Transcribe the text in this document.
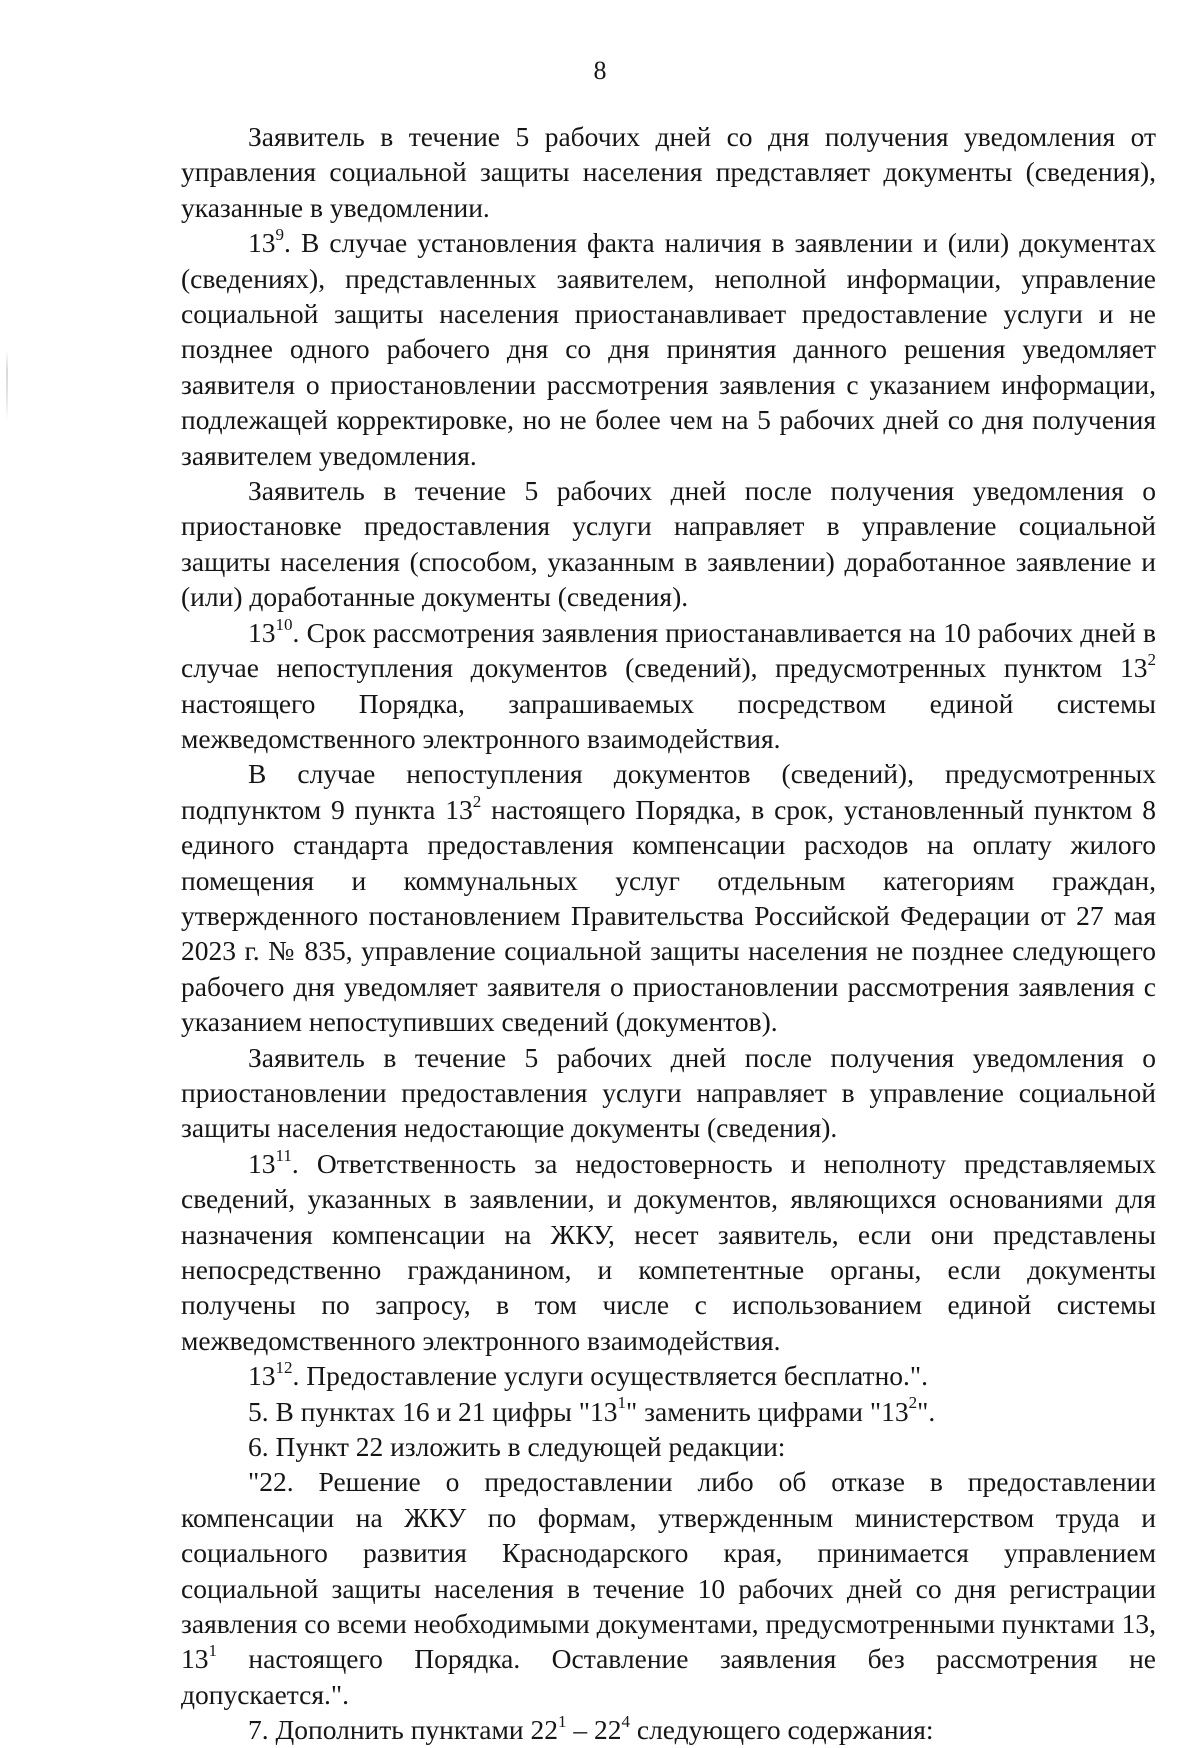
8

Заявитель в течение 5 рабочих дней со дня получения уведомления от управления социальной защиты населения представляет документы (сведения), указанные в уведомлении.

$13^9$. В случае установления факта наличия в заявлении и (или) документах (сведениях), представленных заявителем, неполной информации, управление социальной защиты населения приостанавливает предоставление услуги и не позднее одного рабочего дня со дня принятия данного решения уведомляет заявителя о приостановлении рассмотрения заявления с указанием информации, подлежащей корректировке, но не более чем на 5 рабочих дней со дня получения заявителем уведомления.

Заявитель в течение 5 рабочих дней после получения уведомления о приостановке предоставления услуги направляет в управление социальной защиты населения (способом, указанным в заявлении) доработанное заявление и (или) доработанные документы (сведения).

$13^{10}$. Срок рассмотрения заявления приостанавливается на 10 рабочих дней в случае непоступления документов (сведений), предусмотренных пунктом $13^2$ настоящего Порядка, запрашиваемых посредством единой системы межведомственного электронного взаимодействия.

В случае непоступления документов (сведений), предусмотренных подпунктом 9 пункта $13^2$ настоящего Порядка, в срок, установленный пунктом 8 единого стандарта предоставления компенсации расходов на оплату жилого помещения и коммунальных услуг отдельным категориям граждан, утвержденного постановлением Правительства Российской Федерации от 27 мая 2023 г. № 835, управление социальной защиты населения не позднее следующего рабочего дня уведомляет заявителя о приостановлении рассмотрения заявления с указанием непоступивших сведений (документов).

Заявитель в течение 5 рабочих дней после получения уведомления о приостановлении предоставления услуги направляет в управление социальной защиты населения недостающие документы (сведения).

$13^{11}$. Ответственность за недостоверность и неполноту представляемых сведений, указанных в заявлении, и документов, являющихся основаниями для назначения компенсации на ЖКУ, несет заявитель, если они представлены непосредственно гражданином, и компетентные органы, если документы получены по запросу, в том числе с использованием единой системы межведомственного электронного взаимодействия.

$13^{12}$. Предоставление услуги осуществляется бесплатно.".

5. В пунктах 16 и 21 цифры "$13^1$" заменить цифрами "$13^2$".

6. Пункт 22 изложить в следующей редакции:

"22. Решение о предоставлении либо об отказе в предоставлении компенсации на ЖКУ по формам, утвержденным министерством труда и социального развития Краснодарского края, принимается управлением социальной защиты населения в течение 10 рабочих дней со дня регистрации заявления со всеми необходимыми документами, предусмотренными пунктами 13, $13^1$ настоящего Порядка. Оставление заявления без рассмотрения не допускается.".

7. Дополнить пунктами $22^1 - 22^4$ следующего содержания:
